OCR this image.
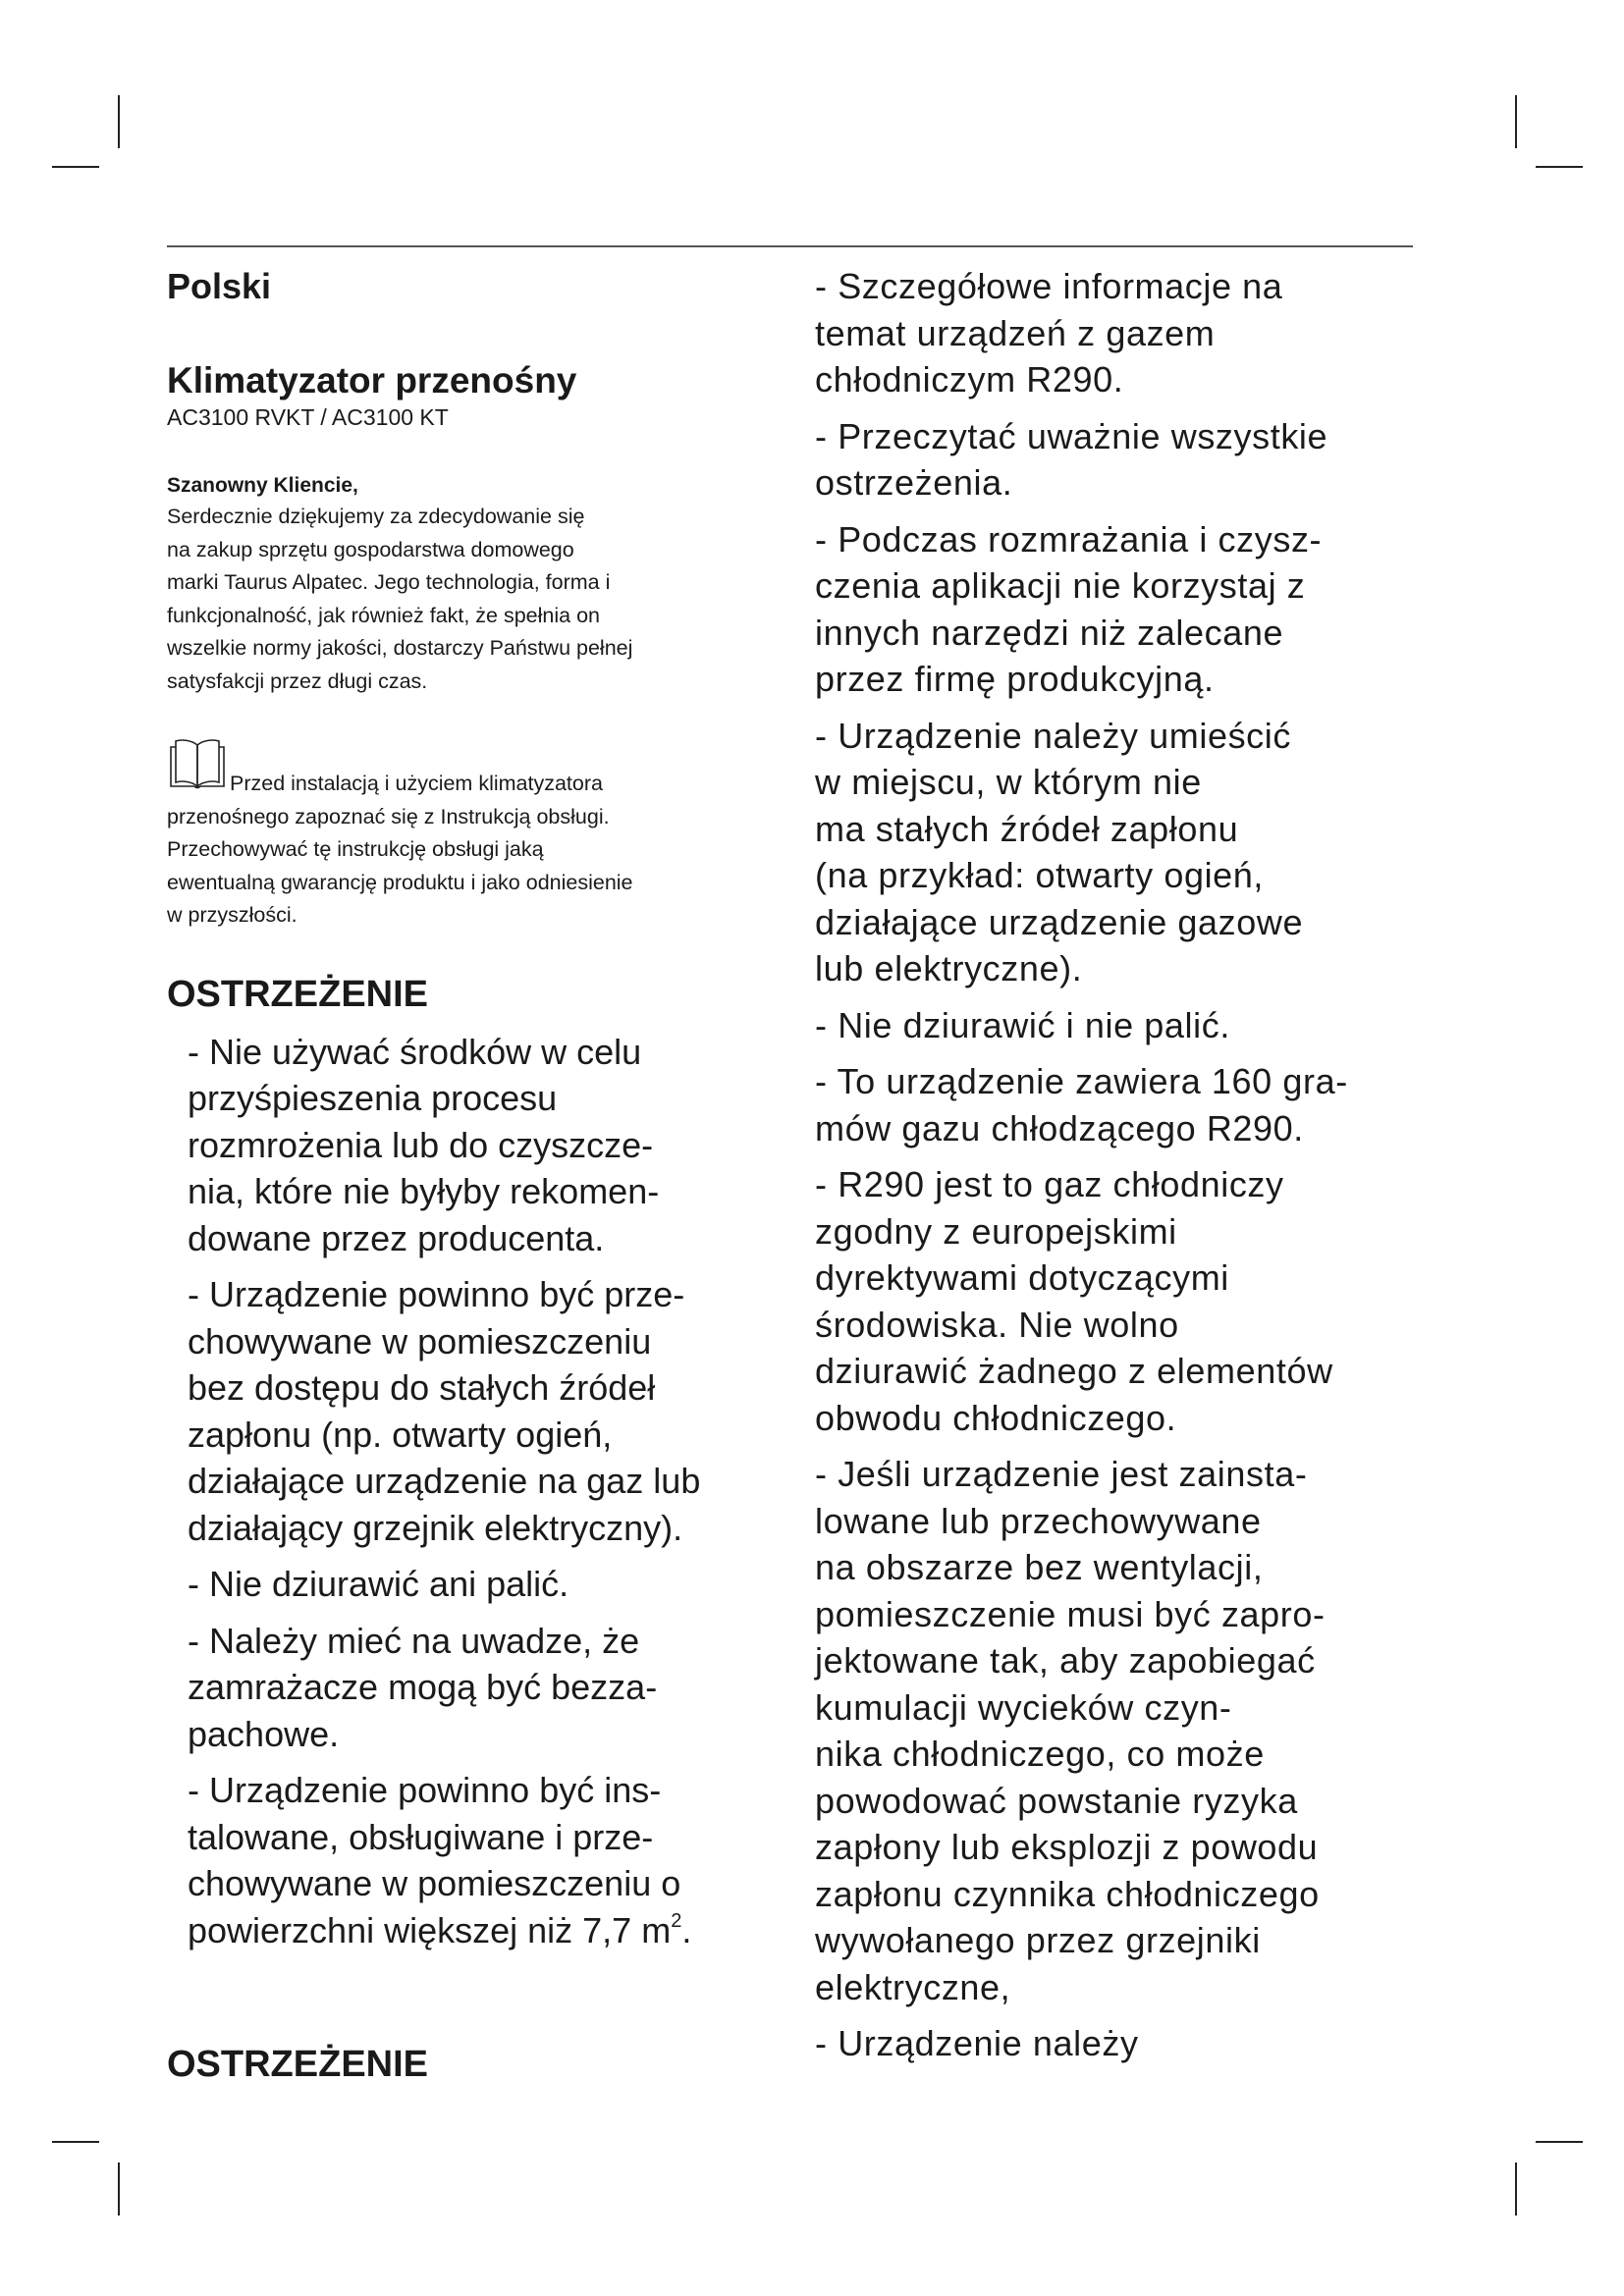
Polski
Klimatyzator przenośny
AC3100 RVKT / AC3100 KT
Szanowny Kliencie,
Serdecznie dziękujemy za zdecydowanie się
na zakup sprzętu gospodarstwa domowego
marki Taurus Alpatec. Jego technologia, forma i
funkcjonalność, jak również fakt, że spełnia on
wszelkie normy jakości, dostarczy Państwu pełnej
satysfakcji przez długi czas.
Przed instalacją i użyciem klimatyzatora
przenośnego zapoznać się z Instrukcją obsługi.
Przechowywać tę instrukcję obsługi jaką
ewentualną gwarancję produktu i jako odniesienie
w przyszłości.
OSTRZEŻENIE
- Nie używać środków w celu
przyśpieszenia procesu
rozmrożenia lub do czyszcze-
nia, które nie byłyby rekomen-
dowane przez producenta.
- Urządzenie powinno być prze-
chowywane w pomieszczeniu
bez dostępu do stałych źródeł
zapłonu (np. otwarty ogień,
działające urządzenie na gaz lub
działający grzejnik elektryczny).
- Nie dziurawić ani palić.
- Należy mieć na uwadze, że
zamrażacze mogą być bezza-
pachowe.
- Urządzenie powinno być ins-
talowane, obsługiwane i prze-
chowywane w pomieszczeniu o
powierzchni większej niż 7,7 $m^2$.
OSTRZEŻENIE
- Szczegółowe informacje na
temat urządzeń z gazem
chłodniczym R290.
- Przeczytać uważnie wszystkie
ostrzeżenia.
- Podczas rozmrażania i czysz-
czenia aplikacji nie korzystaj z
innych narzędzi niż zalecane
przez firmę produkcyjną.
- Urządzenie należy umieścić
w miejscu, w którym nie
ma stałych źródeł zapłonu
(na przykład: otwarty ogień,
działające urządzenie gazowe
lub elektryczne).
- Nie dziurawić i nie palić.
- To urządzenie zawiera 160 gra-
mów gazu chłodzącego R290.
- R290 jest to gaz chłodniczy
zgodny z europejskimi
dyrektywami dotyczącymi
środowiska. Nie wolno
dziurawić żadnego z elementów
obwodu chłodniczego.
- Jeśli urządzenie jest zainsta-
lowane lub przechowywane
na obszarze bez wentylacji,
pomieszczenie musi być zapro-
jektowane tak, aby zapobiegać
kumulacji wycieków czyn-
nika chłodniczego, co może
powodować powstanie ryzyka
zapłony lub eksplozji z powodu
zapłonu czynnika chłodniczego
wywołanego przez grzejniki
elektryczne,
- Urządzenie należy
